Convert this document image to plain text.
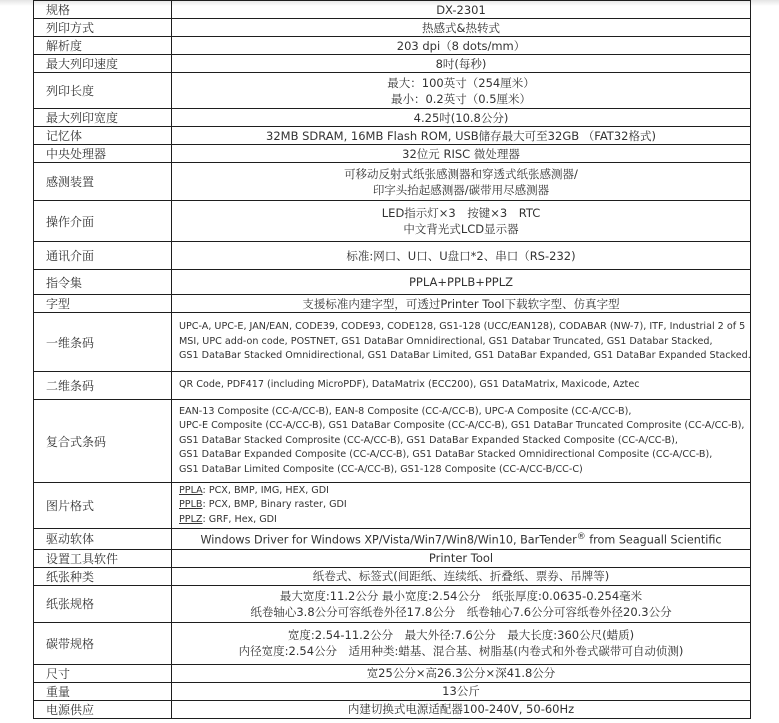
规格	DX-2301

列印方式	热感式&热转式

解析度	203 dpi（8 dots/mm）

最大列印速度	8吋(每秒)

列印长度	最大：100英寸（254厘米）
最小：0.2英寸（0.5厘米）

最大列印宽度	4.25吋(10.8公分)

记忆体	32MB SDRAM, 16MB Flash ROM, USB储存最大可至32GB （FAT32格式)

中央处理器	32位元 RISC 微处理器

感测装置	可移动反射式纸张感测器和穿透式纸张感测器/
印字头抬起感测器/碳带用尽感测器

操作介面	LED指示灯×3　按键×3　RTC
中文背光式LCD显示器

通讯介面	标准:网口、U口、U盘口*2、串口（RS-232)

指令集	PPLA+PPLB+PPLZ

字型	支援标准内建字型，可透过Printer Tool下载软字型、仿真字型

一维条码	UPC-A, UPC-E, JAN/EAN, CODE39, CODE93, CODE128, GS1-128 (UCC/EAN128), CODABAR (NW-7), ITF, Industrial 2 of 5
MSI, UPC add-on code, POSTNET, GS1 DataBar Omnidirectional, GS1 Databar Truncated, GS1 Databar Stacked,
GS1 DataBar Stacked Omnidirectional, GS1 DataBar Limited, GS1 DataBar Expanded, GS1 DataBar Expanded Stacked.

二维条码	QR Code, PDF417 (including MicroPDF), DataMatrix (ECC200), GS1 DataMatrix, Maxicode, Aztec

复合式条码	EAN-13 Composite (CC-A/CC-B), EAN-8 Composite (CC-A/CC-B), UPC-A Composite (CC-A/CC-B),
UPC-E Composite (CC-A/CC-B), GS1 DataBar Composite (CC-A/CC-B), GS1 DataBar Truncated Comprosite (CC-A/CC-B),
GS1 DataBar Stacked Comprosite (CC-A/CC-B), GS1 DataBar Expanded Stacked Composite (CC-A/CC-B),
GS1 DataBar Expanded Composite (CC-A/CC-B), GS1 DataBar Stacked Omnidirectional Composite (CC-A/CC-B),
GS1 DataBar Limited Composite (CC-A/CC-B), GS1-128 Composite (CC-A/CC-B/CC-C)

图片格式	PPLA: PCX, BMP, IMG, HEX, GDI
PPLB: PCX, BMP, Binary raster, GDI
PPLZ: GRF, Hex, GDI

驱动软体	Windows Driver for Windows XP/Vista/Win7/Win8/Win10, BarTender® from Seaguall Scientific

设置工具软件	Printer Tool

纸张种类	纸卷式、标签式(间距纸、连续纸、折叠纸、票券、吊牌等)

纸张规格	最大宽度:11.2公分 最小宽度:2.54公分　纸张厚度:0.0635-0.254毫米
纸卷轴心3.8公分可容纸卷外径17.8公分　纸卷轴心7.6公分可容纸卷外径20.3公分

碳带规格	宽度:2.54-11.2公分　最大外径:7.6公分　最大长度:360公尺(蜡质)
内径宽度:2.54公分　适用种类:蜡基、混合基、树脂基(内卷式和外卷式碳带可自动侦测)

尺寸	宽25公分×高26.3公分×深41.8公分

重量	13公斤

电源供应	内建切换式电源适配器100-240V, 50-60Hz
